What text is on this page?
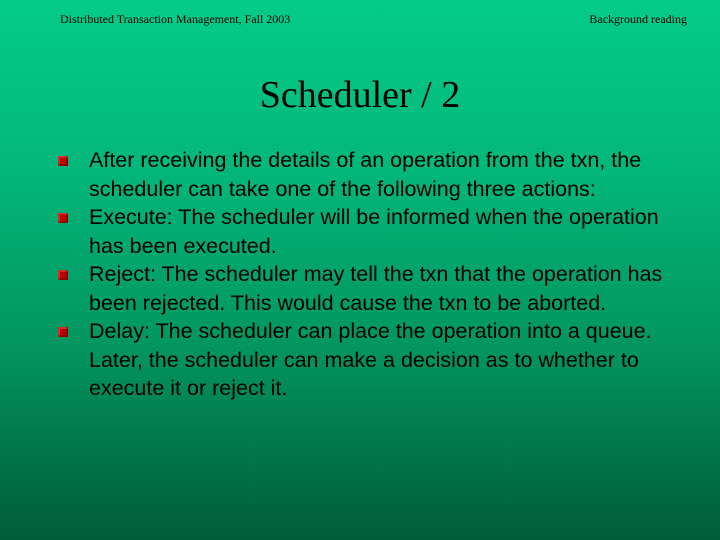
Distributed Transaction Management, Fall 2003	Background reading
Scheduler / 2
After receiving the details of an operation from the txn, the scheduler can take one of the following three actions:
Execute: The scheduler will be informed when the operation has been executed.
Reject: The scheduler may tell the txn that the operation has been rejected. This would cause the txn to be aborted.
Delay: The scheduler can place the operation into a queue. Later, the scheduler can make a decision as to whether to execute it or reject it.
